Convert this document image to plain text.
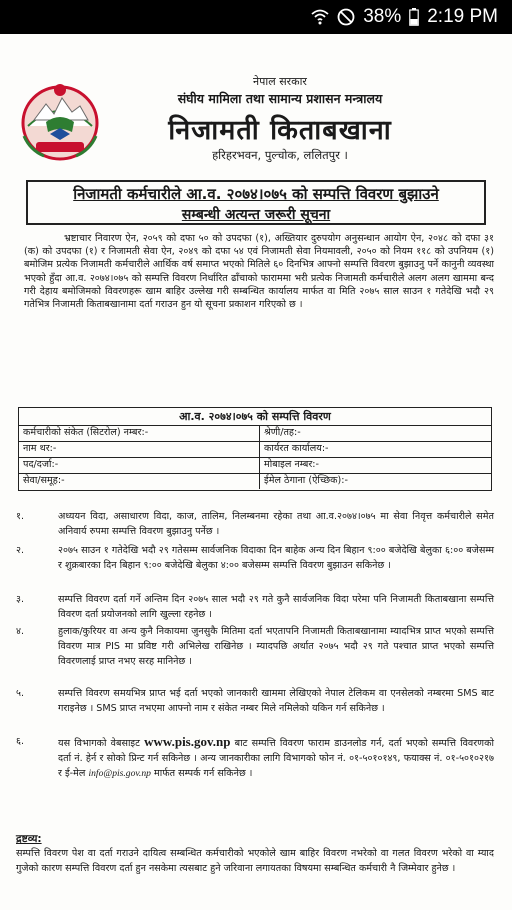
38% 2:19 PM
नेपाल सरकार
संघीय मामिला तथा सामान्य प्रशासन मन्त्रालय
निजामती किताबखाना
हरिहरभवन, पुल्चोक, ललितपुर ।
निजामती कर्मचारीले आ.व. २०७४।०७५ को सम्पत्ति विवरण बुझाउने
सम्बन्धी अत्यन्त जरूरी सूचना
भ्रष्टाचार निवारण ऐन, २०५९ को दफा ५० को उपदफा (१), अख्तियार दुरुपयोग अनुसन्धान आयोग ऐन, २०४८ को दफा ३१ (क) को उपदफा (१) र निजामती सेवा ऐन, २०४९ को दफा ५४ एवं निजामती सेवा नियमावली, २०५० को नियम ११८ को उपनियम (१) बमोजिम प्रत्येक निजामती कर्मचारीले आर्थिक वर्ष समाप्त भएको मितिले ६० दिनभित्र आफ्नो सम्पत्ति विवरण बुझाउनु पर्ने कानुनी व्यवस्था भएको हुँदा आ.व. २०७४।०७५ को सम्पत्ति विवरण निर्धारित ढाँचाको फाराममा भरी प्रत्येक निजामती कर्मचारीले अलग अलग खाममा बन्द गरी देहाय बमोजिमको विवरणहरू खाम बाहिर उल्लेख गरी सम्बन्धित कार्यालय मार्फत वा मिति २०७५ साल साउन १ गतेदेखि भदौ २९ गतेभित्र निजामती किताबखानामा दर्ता गराउन हुन यो सूचना प्रकाशन गरिएको छ ।
आ.व. २०७४।०७५ को सम्पत्ति विवरण
कर्मचारीको संकेत (सिटरोल) नम्बर:-	श्रेणी/तह:-
नाम थर:-	कार्यरत कार्यालय:-
पद/दर्जा:-	मोबाइल नम्बर:-
सेवा/समूह:-	ईमेल ठेगाना (ऐच्छिक):-
१.	अध्ययन विदा, असाधारण विदा, काज, तालिम, निलम्बनमा रहेका तथा आ.व.२०७४।०७५ मा सेवा निवृत्त कर्मचारीले समेत अनिवार्य रुपमा सम्पत्ति विवरण बुझाउनु पर्नेछ ।
२.	२०७५ साउन १ गतेदेखि भदौ २९ गतेसम्म सार्वजनिक विदाका दिन बाहेक अन्य दिन बिहान ९:०० बजेदेखि बेलुका ६:०० बजेसम्म र शुक्रबारका दिन बिहान ९:०० बजेदेखि बेलुका ४:०० बजेसम्म सम्पत्ति विवरण बुझाउन सकिनेछ ।
३.	सम्पत्ति विवरण दर्ता गर्ने अन्तिम दिन २०७५ साल भदौ २९ गते कुनै सार्वजनिक विदा परेमा पनि निजामती किताबखाना सम्पत्ति विवरण दर्ता प्रयोजनको लागि खुल्ला रहनेछ ।
४.	हुलाक/कुरियर वा अन्य कुनै निकायमा जुनसुकै मितिमा दर्ता भएतापनि निजामती किताबखानामा म्यादभित्र प्राप्त भएको सम्पत्ति विवरण मात्र PIS मा प्रविष्ट गरी अभिलेख राखिनेछ । म्यादपछि अर्थात २०७५ भदौ २९ गते पश्चात प्राप्त भएको सम्पत्ति विवरणलाई प्राप्त नभए सरह मानिनेछ ।
५.	सम्पत्ति विवरण समयभित्र प्राप्त भई दर्ता भएको जानकारी खाममा लेखिएको नेपाल टेलिकम वा एनसेलको नम्बरमा SMS बाट गराइनेछ । SMS प्राप्त नभएमा आफ्नो नाम र संकेत नम्बर मिले नमिलेको यकिन गर्न सकिनेछ ।
६.	यस विभागको वेबसाइट www.pis.gov.np बाट सम्पत्ति विवरण फाराम डाउनलोड गर्न, दर्ता भएको सम्पत्ति विवरणको दर्ता नं. हेर्न र सोको प्रिन्ट गर्न सकिनेछ । अन्य जानकारीका लागि विभागको फोन नं. ०१-५०१०१४९, फयाक्स नं. ०१-५०१०२१७ र ई-मेल info@pis.gov.np मार्फत सम्पर्क गर्न सकिनेछ ।
द्रष्टव्य:
सम्पत्ति विवरण पेश वा दर्ता गराउने दायित्व सम्बन्धित कर्मचारीको भएकोले खाम बाहिर विवरण नभरेको वा गलत विवरण भरेको वा म्याद गुजेको कारण सम्पत्ति विवरण दर्ता हुन नसकेमा त्यसबाट हुने जरिवाना लगायतका विषयमा सम्बन्धित कर्मचारी नै जिम्मेवार हुनेछ ।
